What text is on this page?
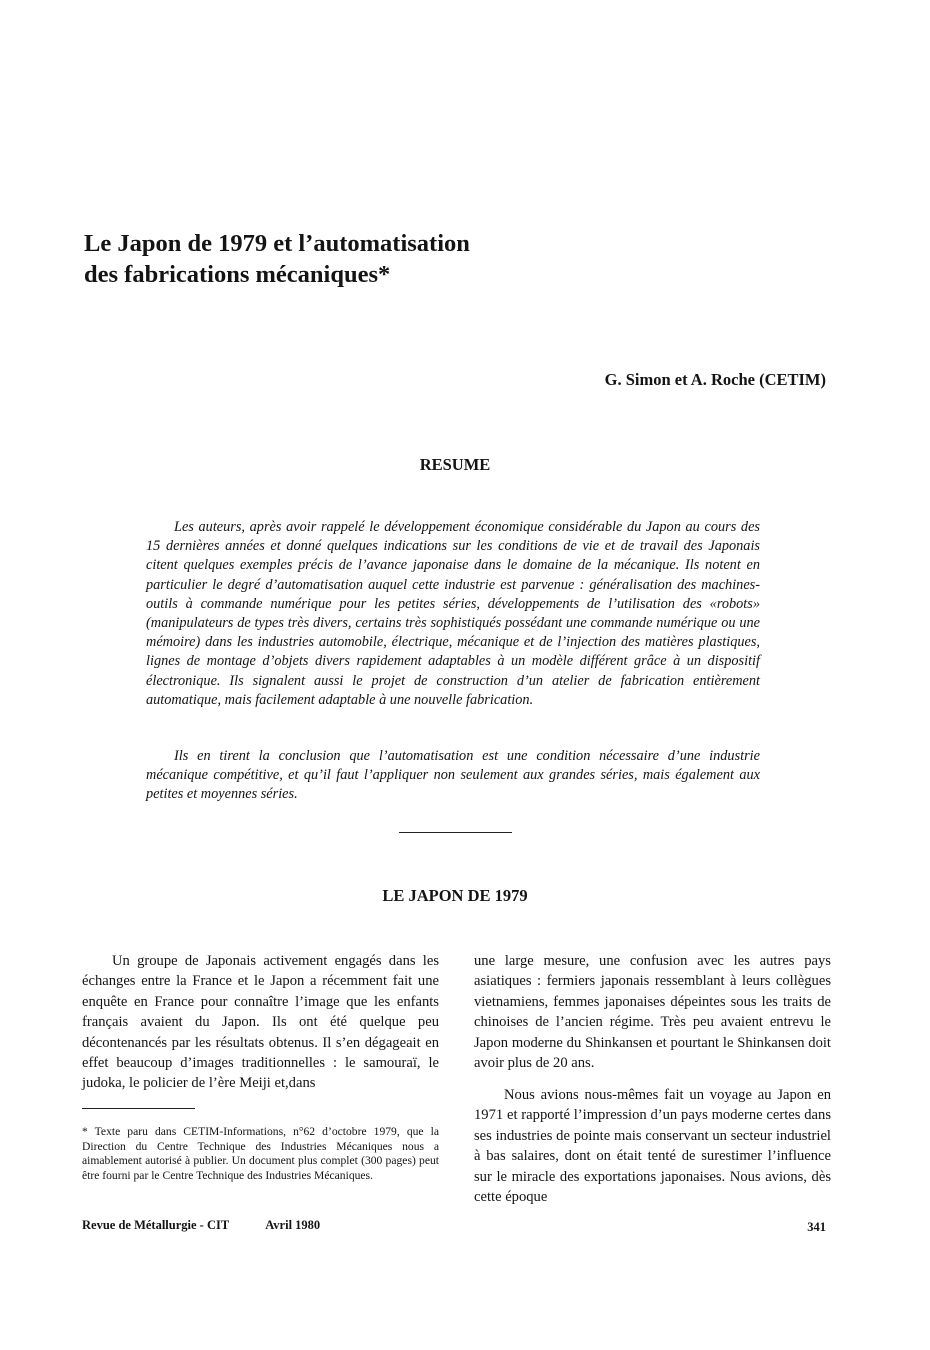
Le Japon de 1979 et l’automatisation
des fabrications mécaniques*
G. Simon et A. Roche (CETIM)
RESUME

Les auteurs, après avoir rappelé le développement économique considérable du Japon au cours des 15 dernières années et donné quelques indications sur les conditions de vie et de travail des Japonais citent quelques exemples précis de l’avance japonaise dans le domaine de la mécanique. Ils notent en particulier le degré d’automatisation auquel cette industrie est parvenue : généralisation des machines-outils à commande numérique pour les petites séries, développements de l’utilisation des «robots» (manipulateurs de types très divers, certains très sophistiqués possédant une commande numérique ou une mémoire) dans les industries automobile, électrique, mécanique et de l’injection des matières plastiques, lignes de montage d’objets divers rapidement adaptables à un modèle différent grâce à un dispositif électronique. Ils signalent aussi le projet de construction d’un atelier de fabrication entièrement automatique, mais facilement adaptable à une nouvelle fabrication.

Ils en tirent la conclusion que l’automatisation est une condition nécessaire d’une industrie mécanique compétitive, et qu’il faut l’appliquer non seulement aux grandes séries, mais également aux petites et moyennes séries.

LE JAPON DE 1979

Un groupe de Japonais activement engagés dans les échanges entre la France et le Japon a récemment fait une enquête en France pour connaître l’image que les enfants français avaient du Japon. Ils ont été quelque peu décontenancés par les résultats obtenus. Il s’en dégageait en effet beaucoup d’images traditionnelles : le samouraï, le judoka, le policier de l’ère Meiji et,dans

une large mesure, une confusion avec les autres pays asiatiques : fermiers japonais ressemblant à leurs collègues vietnamiens, femmes japonaises dépeintes sous les traits de chinoises de l’ancien régime. Très peu avaient entrevu le Japon moderne du Shinkansen et pourtant le Shinkansen doit avoir plus de 20 ans.

Nous avions nous-mêmes fait un voyage au Japon en 1971 et rapporté l’impression d’un pays moderne certes dans ses industries de pointe mais conservant un secteur industriel à bas salaires, dont on était tenté de surestimer l’influence sur le miracle des exportations japonaises. Nous avions, dès cette époque

* Texte paru dans CETIM-Informations, n°62 d’octobre 1979, que la Direction du Centre Technique des Industries Mécaniques nous a aimablement autorisé à publier. Un document plus complet (300 pages) peut être fourni par le Centre Technique des Industries Mécaniques.

Revue de Métallurgie - CIT	Avril 1980	341
